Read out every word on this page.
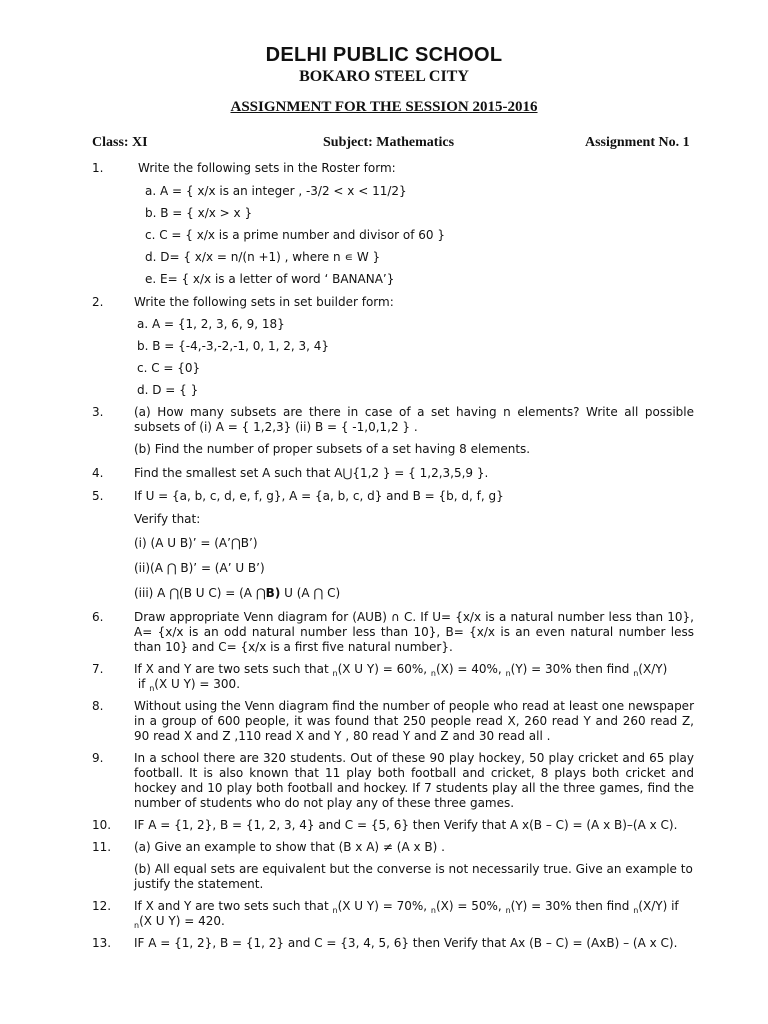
DELHI PUBLIC SCHOOL
BOKARO STEEL CITY
ASSIGNMENT FOR THE SESSION 2015-2016
Class: XI	Subject: Mathematics	Assignment No. 1
1.	Write the following sets in the Roster form:
a. A = { x/x is an integer , -3/2 < x < 11/2}
b. B = { x/x > x }
c. C = { x/x is a prime number and divisor of 60 }
d. D= { x/x = n/(n +1) , where n ∊ W }
e. E= { x/x is a letter of word ‘ BANANA’}
2.	Write the following sets in set builder form:
a. A = {1, 2, 3, 6, 9, 18}
b. B = {-4,-3,-2,-1, 0, 1, 2, 3, 4}
c. C = {0}
d. D = { }
3.	(a) How many subsets are there in case of a set having n elements? Write all possible subsets of (i) A = { 1,2,3} (ii) B = { -1,0,1,2 } .
(b) Find the number of proper subsets of a set having 8 elements.
4.	Find the smallest set A such that A⋃{1,2 } = { 1,2,3,5,9 }.
5.	If U = {a, b, c, d, e, f, g}, A = {a, b, c, d} and B = {b, d, f, g}
Verify that:
(i) (A U B)’ = (A’⋂B’)
(ii)(A ⋂ B)’ = (A’ U B’)
(iii) A ⋂(B U C) = (A ⋂B) U (A ⋂ C)
6.	Draw appropriate Venn diagram for (AUB) ∩ C. If U= {x/x is a natural number less than 10}, A= {x/x is an odd natural number less than 10}, B= {x/x is an even natural number less than 10} and C= {x/x is a first five natural number}.
7.	If X and Y are two sets such that $_n$(X U Y) = 60%, $_n$(X) = 40%, $_n$(Y) = 30% then find $_n$(X/Y)
if $_n$(X U Y) = 300.
8.	Without using the Venn diagram find the number of people who read at least one newspaper in a group of 600 people, it was found that 250 people read X, 260 read Y and 260 read Z, 90 read X and Z ,110 read X and Y , 80 read Y and Z and 30 read all .
9.	In a school there are 320 students. Out of these 90 play hockey, 50 play cricket and 65 play football. It is also known that 11 play both football and cricket, 8 plays both cricket and hockey and 10 play both football and hockey. If 7 students play all the three games, find the number of students who do not play any of these three games.
10. IF A = {1, 2}, B = {1, 2, 3, 4} and C = {5, 6} then Verify that A x(B – C) = (A x B)–(A x C).
11. (a) Give an example to show that (B x A) ≠ (A x B) .
(b) All equal sets are equivalent but the converse is not necessarily true. Give an example to justify the statement.
12. If X and Y are two sets such that $_n$(X U Y) = 70%, $_n$(X) = 50%, $_n$(Y) = 30% then find $_n$(X/Y) if
$_n$(X U Y) = 420.
13. IF A = {1, 2}, B = {1, 2} and C = {3, 4, 5, 6} then Verify that Ax (B – C) = (AxB) – (A x C).
